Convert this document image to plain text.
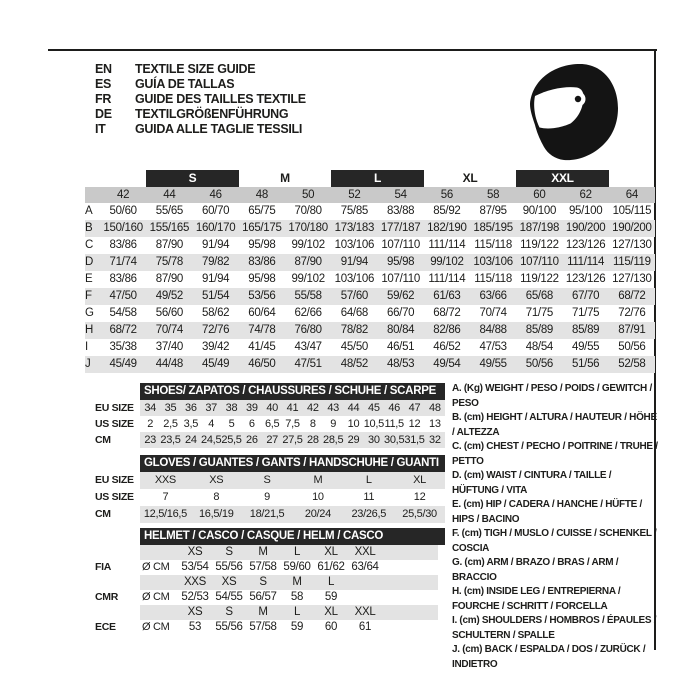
EN	TEXTILE SIZE GUIDE
ES	GUÍA DE TALLAS
FR	GUIDE DES TAILLES TEXTILE
DE	TEXTILGRÖßENFÜHRUNG
IT	GUIDA ALLE TAGLIE TESSILI
S	M	L	XL	XXL
42	44	46	48	50	52	54	56	58	60	62	64
A	50/60	55/65	60/70	65/75	70/80	75/85	83/88	85/92	87/95	90/100	95/100 105/115
B 150/160 155/165 160/170 165/175 170/180 173/183 177/187 182/190 185/195 187/198 190/200 190/200
C	83/86	87/90	91/94	95/98	99/102 103/106 107/110 111/114 115/118 119/122 123/126 127/130
D	71/74	75/78	79/82	83/86	87/90	91/94	95/98	99/102 103/106 107/110 111/114 115/119
E	83/86	87/90	91/94	95/98	99/102 103/106 107/110 111/114 115/118 119/122 123/126 127/130
F	47/50	49/52	51/54	53/56	55/58	57/60	59/62	61/63	63/66	65/68	67/70	68/72
G	54/58	56/60	58/62	60/64	62/66	64/68	66/70	68/72	70/74	71/75	71/75	72/76
H	68/72	70/74	72/76	74/78	76/80	78/82	80/84	82/86	84/88	85/89	85/89	87/91
I	35/38	37/40	39/42	41/45	43/47	45/50	46/51	46/52	47/53	48/54	49/55	50/56
J	45/49	44/48	45/49	46/50	47/51	48/52	48/53	49/54	49/55	50/56	51/56	52/58
SHOES/ ZAPATOS / CHAUSSURES / SCHUHE / SCARPE
EU SIZE 34 35 36 37 38 39 40 41 42 43 44 45 46 47 48
US SIZE	2 2,5 3,5 4	5	6 6,5 7,5 8	9	10 10,5 11,5 12 13
CM	23 23,5 24 24,5 25,5 26 27 27,5 28 28,5 29 30 30,5 31,5 32
GLOVES / GUANTES / GANTS / HANDSCHUHE / GUANTI
EU SIZE	XXS	XS	S	M	L	XL
US SIZE	7	8	9	10	11	12
CM	12,5/16,5	16,5/19	18/21,5	20/24	23/26,5	25,5/30
HELMET / CASCO / CASQUE / HELM / CASCO
XS	S	M	L	XL	XXL
FIA	Ø CM	53/54 55/56 57/58 59/60 61/62 63/64
XXS	XS	S	M	L
CMR Ø CM	52/53 54/55 56/57	58	59
XS	S	M	L	XL	XXL
ECE Ø CM	53	55/56 57/58	59	60	61
A. (Kg) WEIGHT / PESO / POIDS / GEWITCH / PESO
B. (cm) HEIGHT / ALTURA / HAUTEUR / HÖHE / ALTEZZA
C. (cm) CHEST / PECHO / POITRINE / TRUHE / PETTO
D. (cm) WAIST / CINTURA / TAILLE / HÜFTUNG / VITA
E. (cm) HIP / CADERA / HANCHE / HÜFTE / HIPS / BACINO
F. (cm) TIGH / MUSLO / CUISSE / SCHENKEL / COSCIA
G. (cm) ARM / BRAZO / BRAS / ARM / BRACCIO
H. (cm) INSIDE LEG / ENTREPIERNA / FOURCHE / SCHRITT / FORCELLA
I. (cm) SHOULDERS / HOMBROS / ÉPAULES / SCHULTERN / SPALLE
J. (cm) BACK / ESPALDA / DOS / ZURÜCK / INDIETRO
